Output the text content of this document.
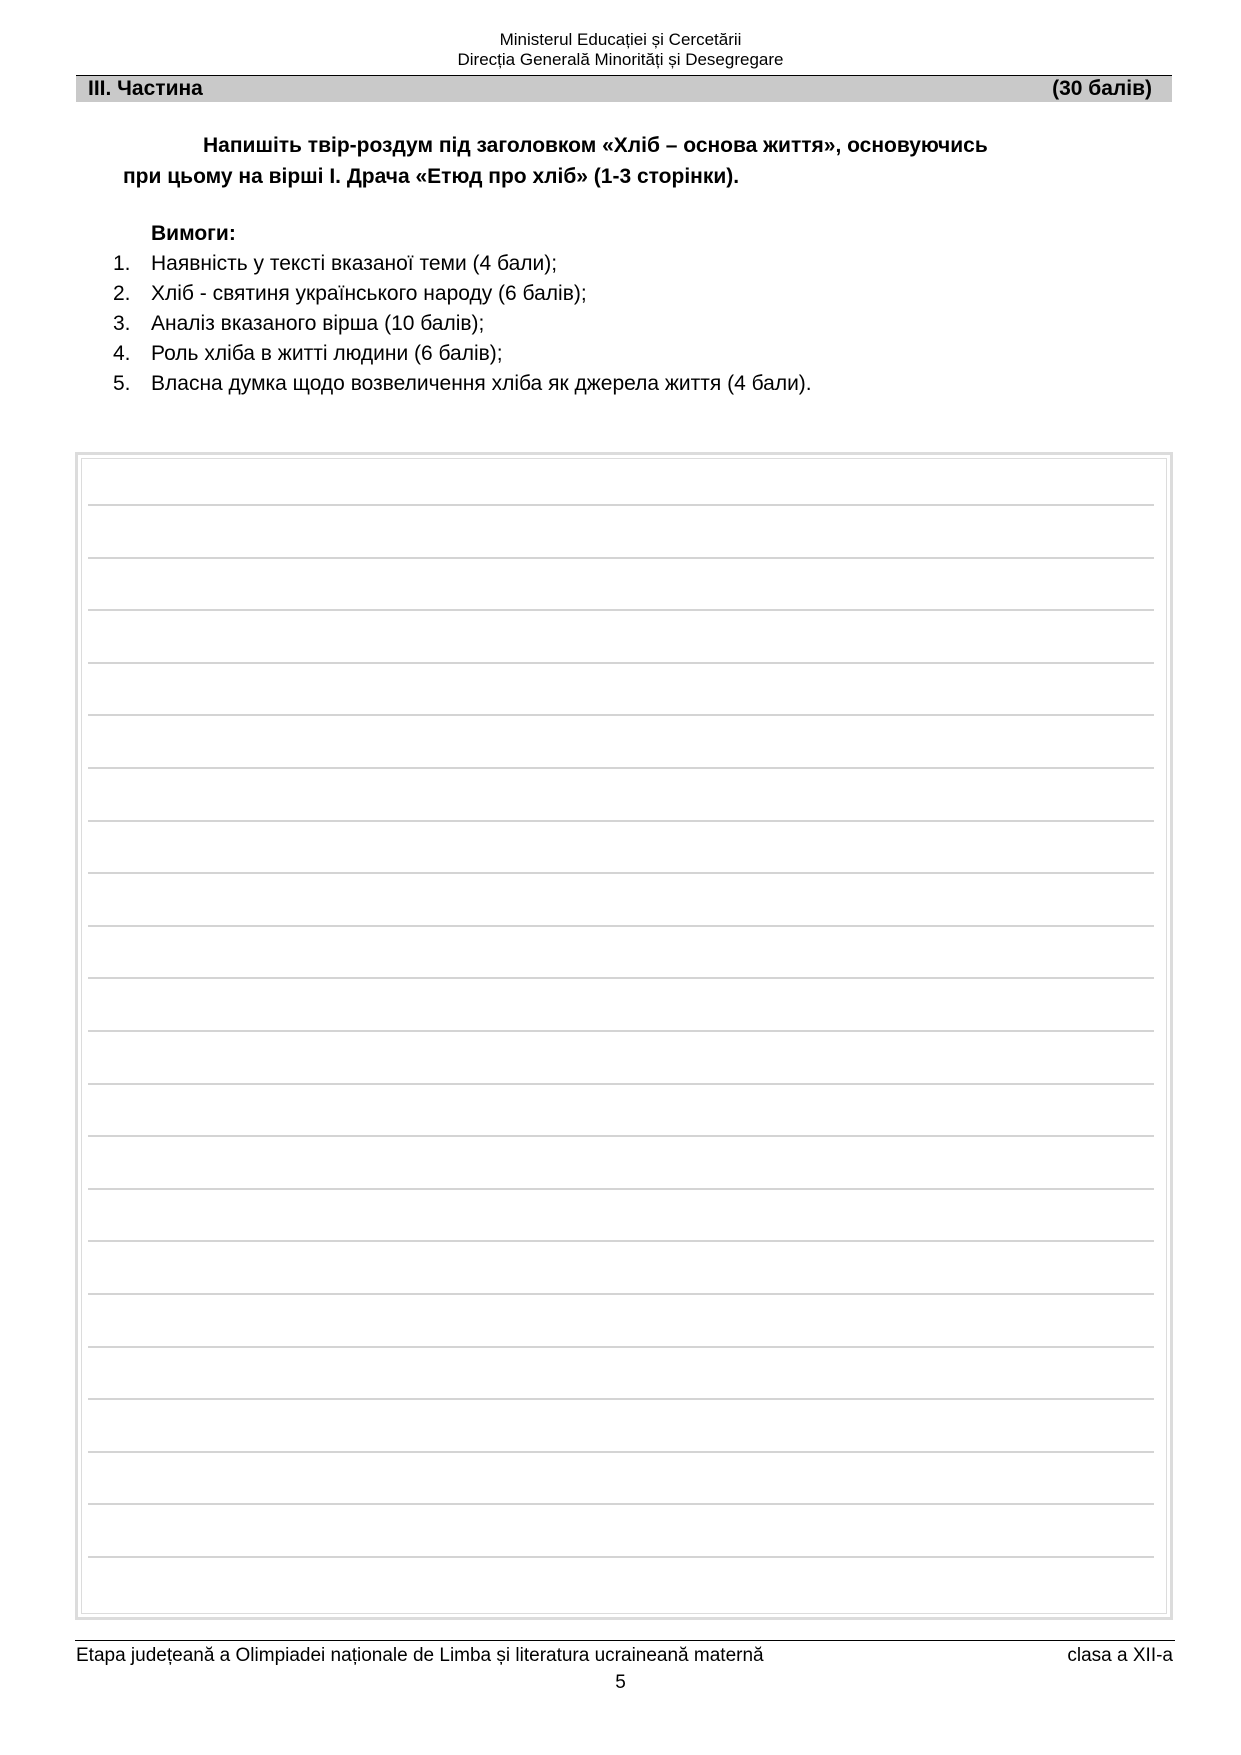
Ministerul Educației și Cercetării
Direcția Generală Minorități și Desegregare
III. Частина	(30 балів)
Напишіть твір-роздум під заголовком «Хліб – основа життя», основуючись
при цьому на вірші І. Драча «Етюд про хліб» (1-3 сторінки).
Вимоги:
1. Наявність у тексті вказаної теми (4 бали);
2. Хліб - святиня українського народу (6 балів);
3. Аналіз вказаного вірша (10 балів);
4. Роль хліба в житті людини (6 балів);
5. Власна думка щодо возвеличення хліба як джерела життя (4 бали).
Etapa județeană a Olimpiadei naționale de Limba și literatura ucraineană maternă	clasa a XII-a
5
